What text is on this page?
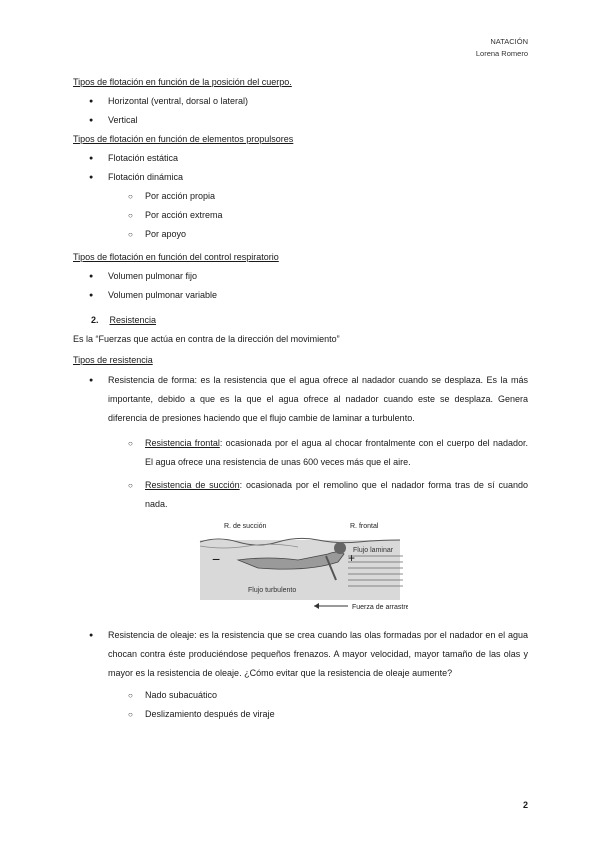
NATACIÓN
Lorena Romero

Tipos de flotación en función de la posición del cuerpo.

● Horizontal (ventral, dorsal o lateral)
● Vertical

Tipos de flotación en función de elementos propulsores

● Flotación estática
● Flotación dinámica
○ Por acción propia
○ Por acción extrema
○ Por apoyo

Tipos de flotación en función del control respiratorio

● Volumen pulmonar fijo
● Volumen pulmonar variable
2. Resistencia

Es la “Fuerzas que actúa en contra de la dirección del movimiento”

Tipos de resistencia

● Resistencia de forma: es la resistencia que el agua ofrece al nadador cuando se desplaza. Es la más importante, debido a que es la que el agua ofrece al nadador cuando este se desplaza. Genera diferencia de presiones haciendo que el flujo cambie de laminar a turbulento.
○ Resistencia frontal: ocasionada por el agua al chocar frontalmente con el cuerpo del nadador. El agua ofrece una resistencia de unas 600 veces más que el aire.
○ Resistencia de succión: ocasionada por el remolino que el nadador forma tras de sí cuando nada.
R. de succión	R. frontal
Flujo laminar
Flujo turbulento
Fuerza de arrastre
−	+
● Resistencia de oleaje: es la resistencia que se crea cuando las olas formadas por el nadador en el agua chocan contra éste produciéndose pequeños frenazos. A mayor velocidad, mayor tamaño de las olas y mayor es la resistencia de oleaje. ¿Cómo evitar que la resistencia de oleaje aumente?
○ Nado subacuático
○ Deslizamiento después de viraje
2
